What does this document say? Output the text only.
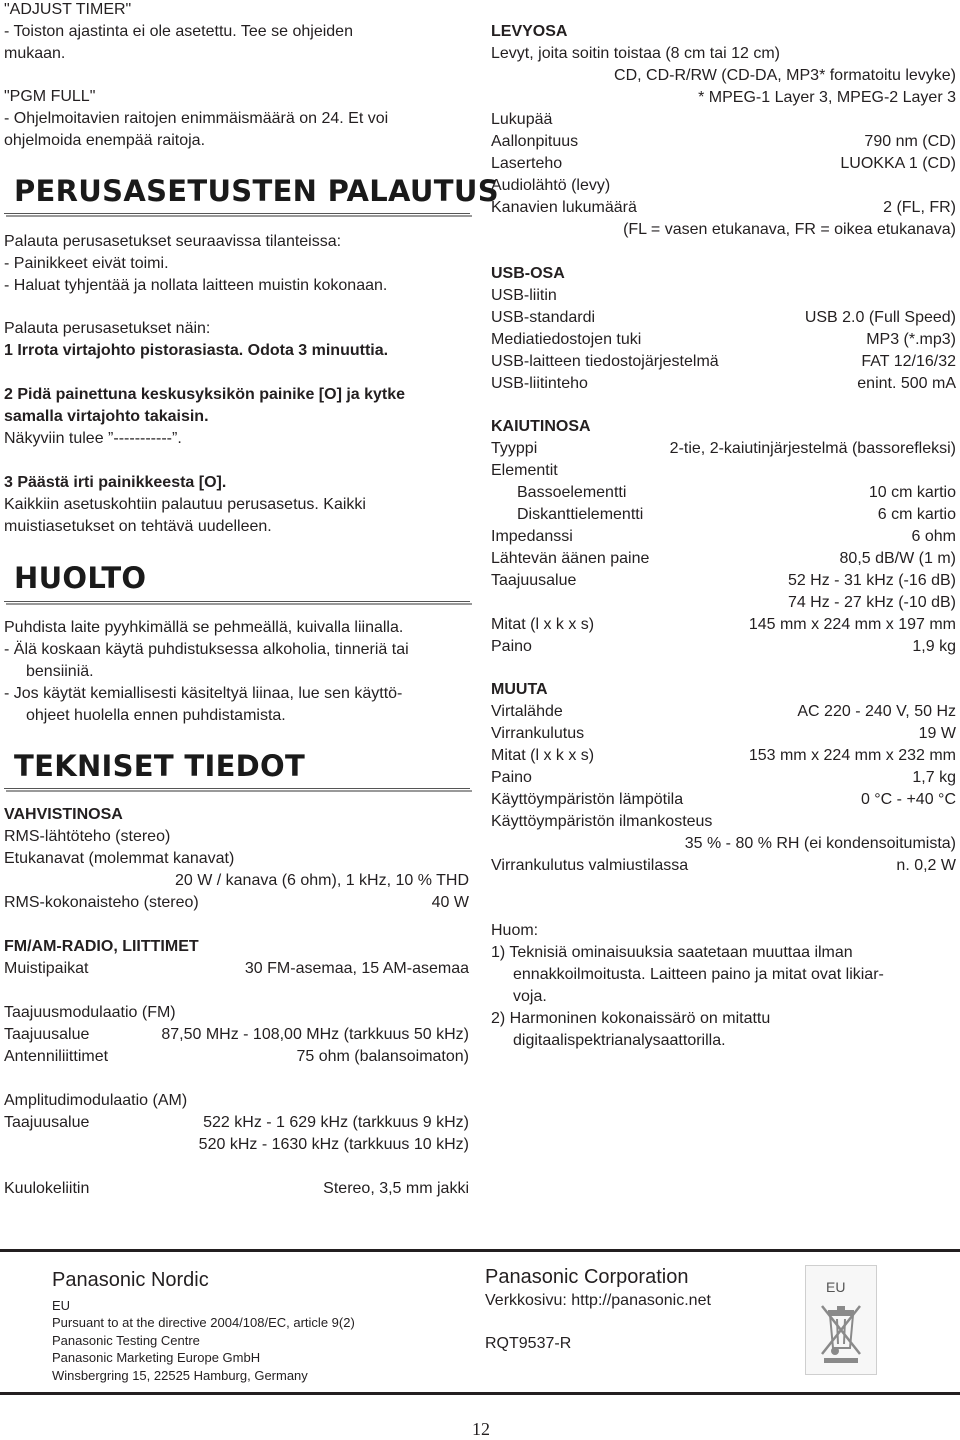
"ADJUST TIMER"
- Toiston ajastinta ei ole asetettu. Tee se ohjeiden
mukaan.
"PGM FULL"
- Ohjelmoitavien raitojen enimmäismäärä on 24. Et voi
ohjelmoida enempää raitoja.
PERUSASETUSTEN PALAUTUS
Palauta perusasetukset seuraavissa tilanteissa:
- Painikkeet eivät toimi.
- Haluat tyhjentää ja nollata laitteen muistin kokonaan.
Palauta perusasetukset näin:
1 Irrota virtajohto pistorasiasta. Odota 3 minuuttia.
2 Pidä painettuna keskusyksikön painike [O] ja kytke
samalla virtajohto takaisin.
Näkyviin tulee ”-----------”.
3 Päästä irti painikkeesta [O].
Kaikkiin asetuskohtiin palautuu perusasetus. Kaikki
muistiasetukset on tehtävä uudelleen.
HUOLTO
Puhdista laite pyyhkimällä se pehmeällä, kuivalla liinalla.
- Älä koskaan käytä puhdistuksessa alkoholia, tinneriä tai
bensiiniä.
- Jos käytät kemiallisesti käsiteltyä liinaa, lue sen käyttö-
ohjeet huolella ennen puhdistamista.
TEKNISET TIEDOT
VAHVISTINOSA
RMS-lähtöteho (stereo)
Etukanavat (molemmat kanavat)
20 W / kanava (6 ohm), 1 kHz, 10 % THD
RMS-kokonaisteho (stereo)	40 W
FM/AM-RADIO, LIITTIMET
Muistipaikat	30 FM-asemaa, 15 AM-asemaa
Taajuusmodulaatio (FM)
Taajuusalue	87,50 MHz - 108,00 MHz (tarkkuus 50 kHz)
Antenniliittimet	75 ohm (balansoimaton)
Amplitudimodulaatio (AM)
Taajuusalue	522 kHz - 1 629 kHz (tarkkuus 9 kHz)
520 kHz - 1630 kHz (tarkkuus 10 kHz)
Kuulokeliitin	Stereo, 3,5 mm jakki
LEVYOSA
Levyt, joita soitin toistaa (8 cm tai 12 cm)
CD, CD-R/RW (CD-DA, MP3* formatoitu levyke)
* MPEG-1 Layer 3, MPEG-2 Layer 3
Lukupää
Aallonpituus	790 nm (CD)
Laserteho	LUOKKA 1 (CD)
Audiolähtö (levy)
Kanavien lukumäärä	2 (FL, FR)
(FL = vasen etukanava, FR = oikea etukanava)
USB-OSA
USB-liitin
USB-standardi	USB 2.0 (Full Speed)
Mediatiedostojen tuki	MP3 (*.mp3)
USB-laitteen tiedostojärjestelmä	FAT 12/16/32
USB-liitinteho	enint. 500 mA
KAIUTINOSA
Tyyppi	2-tie, 2-kaiutinjärjestelmä (bassorefleksi)
Elementit
Bassoelementti	10 cm kartio
Diskanttielementti	6 cm kartio
Impedanssi	6 ohm
Lähtevän äänen paine	80,5 dB/W (1 m)
Taajuusalue	52 Hz - 31 kHz (-16 dB)
74 Hz - 27 kHz (-10 dB)
Mitat (l x k x s)	145 mm x 224 mm x 197 mm
Paino	1,9 kg
MUUTA
Virtalähde	AC 220 - 240 V, 50 Hz
Virrankulutus	19 W
Mitat (l x k x s)	153 mm x 224 mm x 232 mm
Paino	1,7 kg
Käyttöympäristön lämpötila	0 °C - +40 °C
Käyttöympäristön ilmankosteus
35 % - 80 % RH (ei kondensoitumista)
Virrankulutus valmiustilassa	n. 0,2 W
Huom:
1) Teknisiä ominaisuuksia saatetaan muuttaa ilman
ennakkoilmoitusta. Laitteen paino ja mitat ovat likiar-
voja.
2) Harmoninen kokonaissärö on mitattu
digitaalispektrianalysaattorilla.
Panasonic Nordic
EU
Pursuant to at the directive 2004/108/EC, article 9(2)
Panasonic Testing Centre
Panasonic Marketing Europe GmbH
Winsbergring 15, 22525 Hamburg, Germany
Panasonic Corporation
Verkkosivu: http://panasonic.net
RQT9537-R
EU
12
